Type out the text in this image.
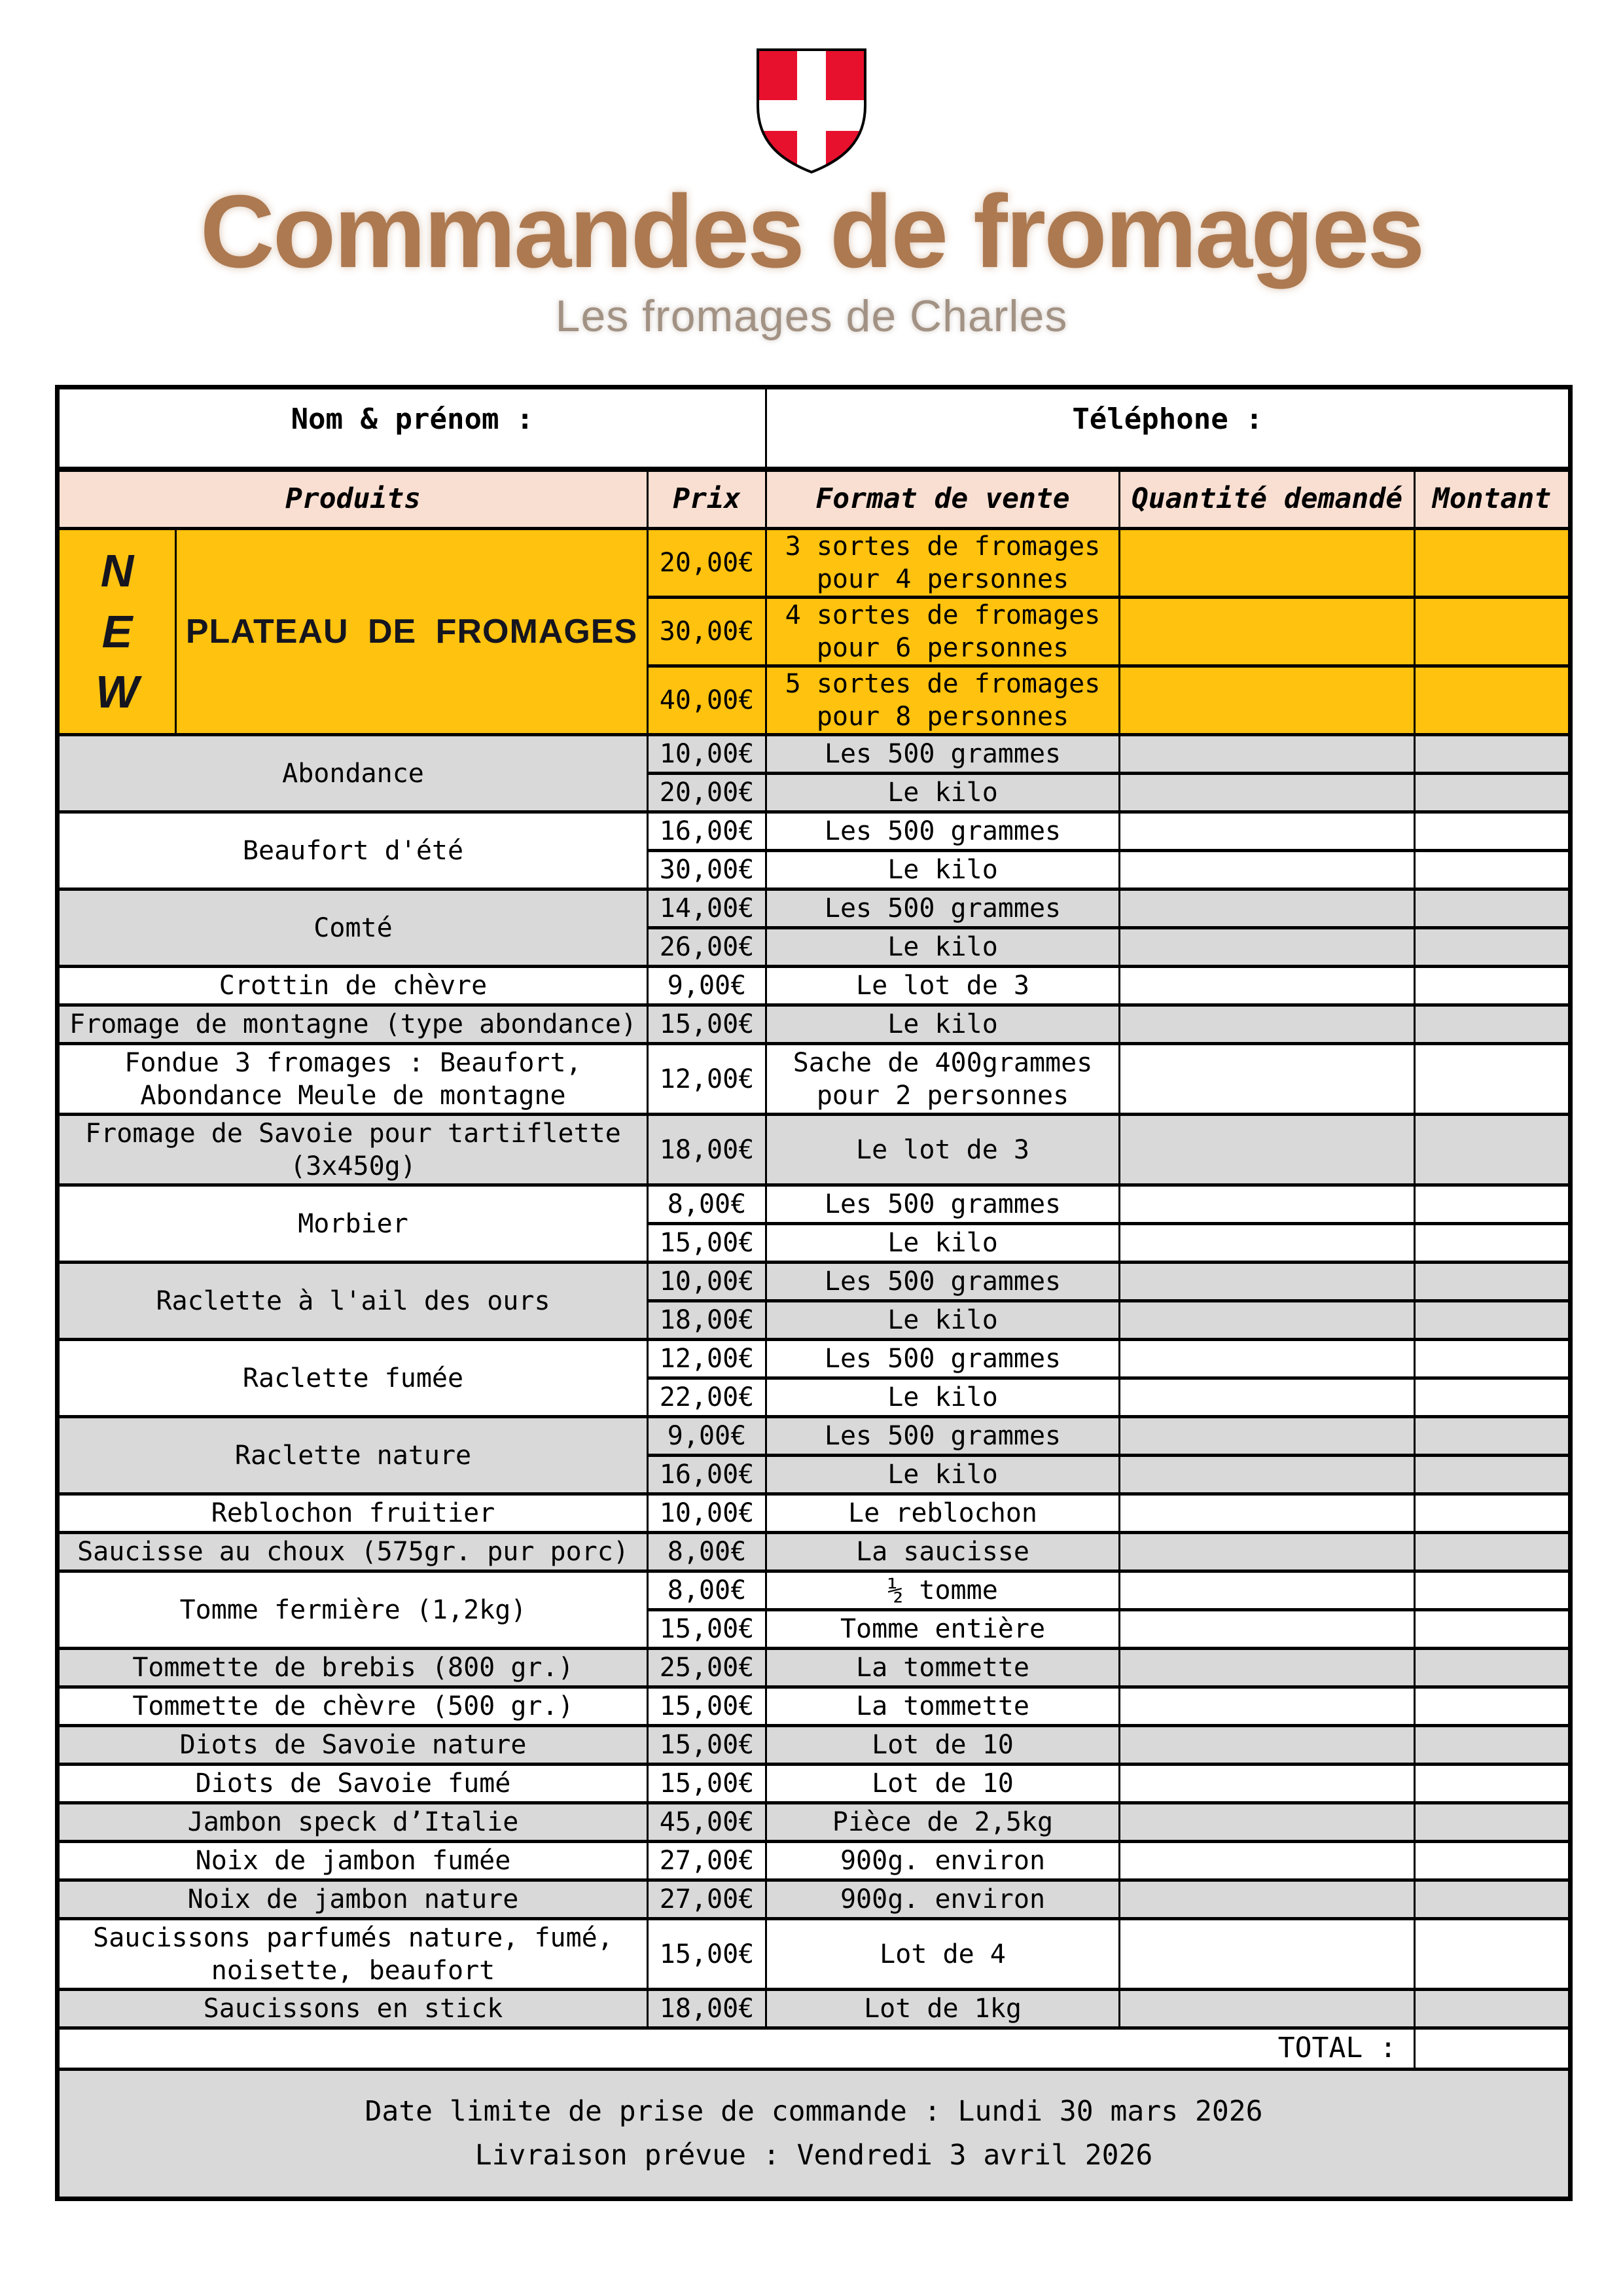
Commandes de fromages
Les fromages de Charles
Nom & prénom :			Téléphone :		
Produits		Prix	Format de vente	Quantité demandé	Montant

N
E
W	PLATEAU DE FROMAGES	20,00€	3 sortes de fromages pour 4 personnes		
		30,00€	4 sortes de fromages pour 6 personnes		
		40,00€	5 sortes de fromages pour 8 personnes		
Abondance		10,00€	Les 500 grammes		
		20,00€	Le kilo		
Beaufort d'été		16,00€	Les 500 grammes		
		30,00€	Le kilo		
Comté		14,00€	Les 500 grammes		
		26,00€	Le kilo		
Crottin de chèvre		9,00€	Le lot de 3		
Fromage de montagne (type abondance)		15,00€	Le kilo		
Fondue 3 fromages : Beaufort, Abondance Meule de montagne		12,00€	Sache de 400grammes pour 2 personnes		
Fromage de Savoie pour tartiflette (3x450g)		18,00€	Le lot de 3		
Morbier		8,00€	Les 500 grammes		
		15,00€	Le kilo		
Raclette à l'ail des ours		10,00€	Les 500 grammes		
		18,00€	Le kilo		
Raclette fumée		12,00€	Les 500 grammes		
		22,00€	Le kilo		
Raclette nature		9,00€	Les 500 grammes		
		16,00€	Le kilo		
Reblochon fruitier		10,00€	Le reblochon		
Saucisse au choux (575gr. pur porc)		8,00€	La saucisse		
Tomme fermière (1,2kg)		8,00€	½ tomme		
		15,00€	Tomme entière		
Tommette de brebis (800 gr.)		25,00€	La tommette		
Tommette de chèvre (500 gr.)		15,00€	La tommette		
Diots de Savoie nature		15,00€	Lot de 10		
Diots de Savoie fumé		15,00€	Lot de 10		
Jambon speck d’Italie		45,00€	Pièce de 2,5kg		
Noix de jambon fumée		27,00€	900g. environ		
Noix de jambon nature		27,00€	900g. environ		
Saucissons parfumés nature, fumé, noisette, beaufort		15,00€	Lot de 4		
Saucissons en stick		18,00€	Lot de 1kg		
TOTAL :					

Date limite de prise de commande : Lundi 30 mars 2026
Livraison prévue : Vendredi 3 avril 2026					
